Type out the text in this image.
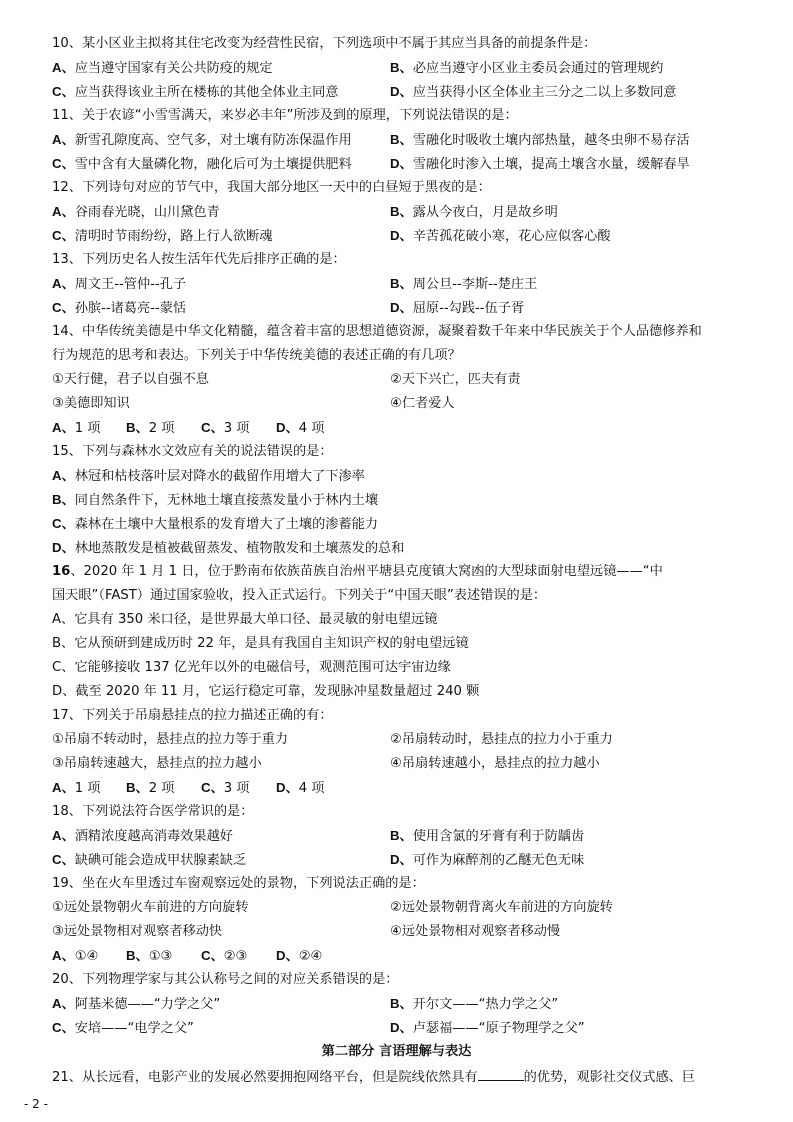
10、某小区业主拟将其住宅改变为经营性民宿，下列选项中不属于其应当具备的前提条件是：
A、应当遵守国家有关公共防疫的规定	B、必应当遵守小区业主委员会通过的管理规约
C、应当获得该业主所在楼栋的其他全体业主同意	D、应当获得小区全体业主三分之二以上多数同意
11、关于农谚“小雪雪满天，来岁必丰年”所涉及到的原理，下列说法错误的是：
A、新雪孔隙度高、空气多，对土壤有防冻保温作用	B、雪融化时吸收土壤内部热量，越冬虫卵不易存活
C、雪中含有大量磷化物，融化后可为土壤提供肥料	D、雪融化时渗入土壤，提高土壤含水量，缓解春旱
12、下列诗句对应的节气中，我国大部分地区一天中的白昼短于黑夜的是：
A、谷雨春光晓，山川黛色青	B、露从今夜白，月是故乡明
C、清明时节雨纷纷，路上行人欲断魂	D、辛苦孤花破小寒，花心应似客心酸
13、下列历史名人按生活年代先后排序正确的是：
A、周文王--管仲--孔子	B、周公旦--李斯--楚庄王
C、孙膑--诸葛亮--蒙恬	D、屈原--勾践--伍子胥
14、中华传统美德是中华文化精髓，蕴含着丰富的思想道德资源，凝聚着数千年来中华民族关于个人品德修养和
行为规范的思考和表达。下列关于中华传统美德的表述正确的有几项？
①天行健，君子以自强不息	②天下兴亡，匹夫有责
③美德即知识	④仁者爱人
A、1 项 B、2 项 C、3 项 D、4 项
15、下列与森林水文效应有关的说法错误的是：
A、林冠和枯枝落叶层对降水的截留作用增大了下渗率
B、同自然条件下，无林地土壤直接蒸发量小于林内土壤
C、森林在土壤中大量根系的发育增大了土壤的渗蓄能力
D、林地蒸散发是植被截留蒸发、植物散发和土壤蒸发的总和
16、2020 年 1 月 1 日，位于黔南布依族苗族自治州平塘县克度镇大窝凼的大型球面射电望远镜——“中
国天眼”（FAST）通过国家验收，投入正式运行。下列关于“中国天眼”表述错误的是：
A、它具有 350 米口径，是世界最大单口径、最灵敏的射电望远镜
B、它从预研到建成历时 22 年，是具有我国自主知识产权的射电望远镜
C、它能够接收 137 亿光年以外的电磁信号，观测范围可达宇宙边缘
D、截至 2020 年 11 月，它运行稳定可靠，发现脉冲星数量超过 240 颗
17、下列关于吊扇悬挂点的拉力描述正确的有：
①吊扇不转动时，悬挂点的拉力等于重力	②吊扇转动时，悬挂点的拉力小于重力
③吊扇转速越大，悬挂点的拉力越小	④吊扇转速越小，悬挂点的拉力越小
A、1 项 B、2 项 C、3 项 D、4 项
18、下列说法符合医学常识的是：
A、酒精浓度越高消毒效果越好	B、使用含氯的牙膏有利于防龋齿
C、缺碘可能会造成甲状腺素缺乏	D、可作为麻醉剂的乙醚无色无味
19、坐在火车里透过车窗观察远处的景物，下列说法正确的是：
①远处景物朝火车前进的方向旋转	②远处景物朝背离火车前进的方向旋转
③远处景物相对观察者移动快	④远处景物相对观察者移动慢
A、①④ B、①③ C、②③ D、②④
20、下列物理学家与其公认称号之间的对应关系错误的是：
A、阿基米德——“力学之父”	B、开尔文——“热力学之父”
C、安培——“电学之父”	D、卢瑟福——“原子物理学之父”
第二部分 言语理解与表达
21、从长远看，电影产业的发展必然要拥抱网络平台，但是院线依然具有	的优势，观影社交仪式感、巨
- 2 -
